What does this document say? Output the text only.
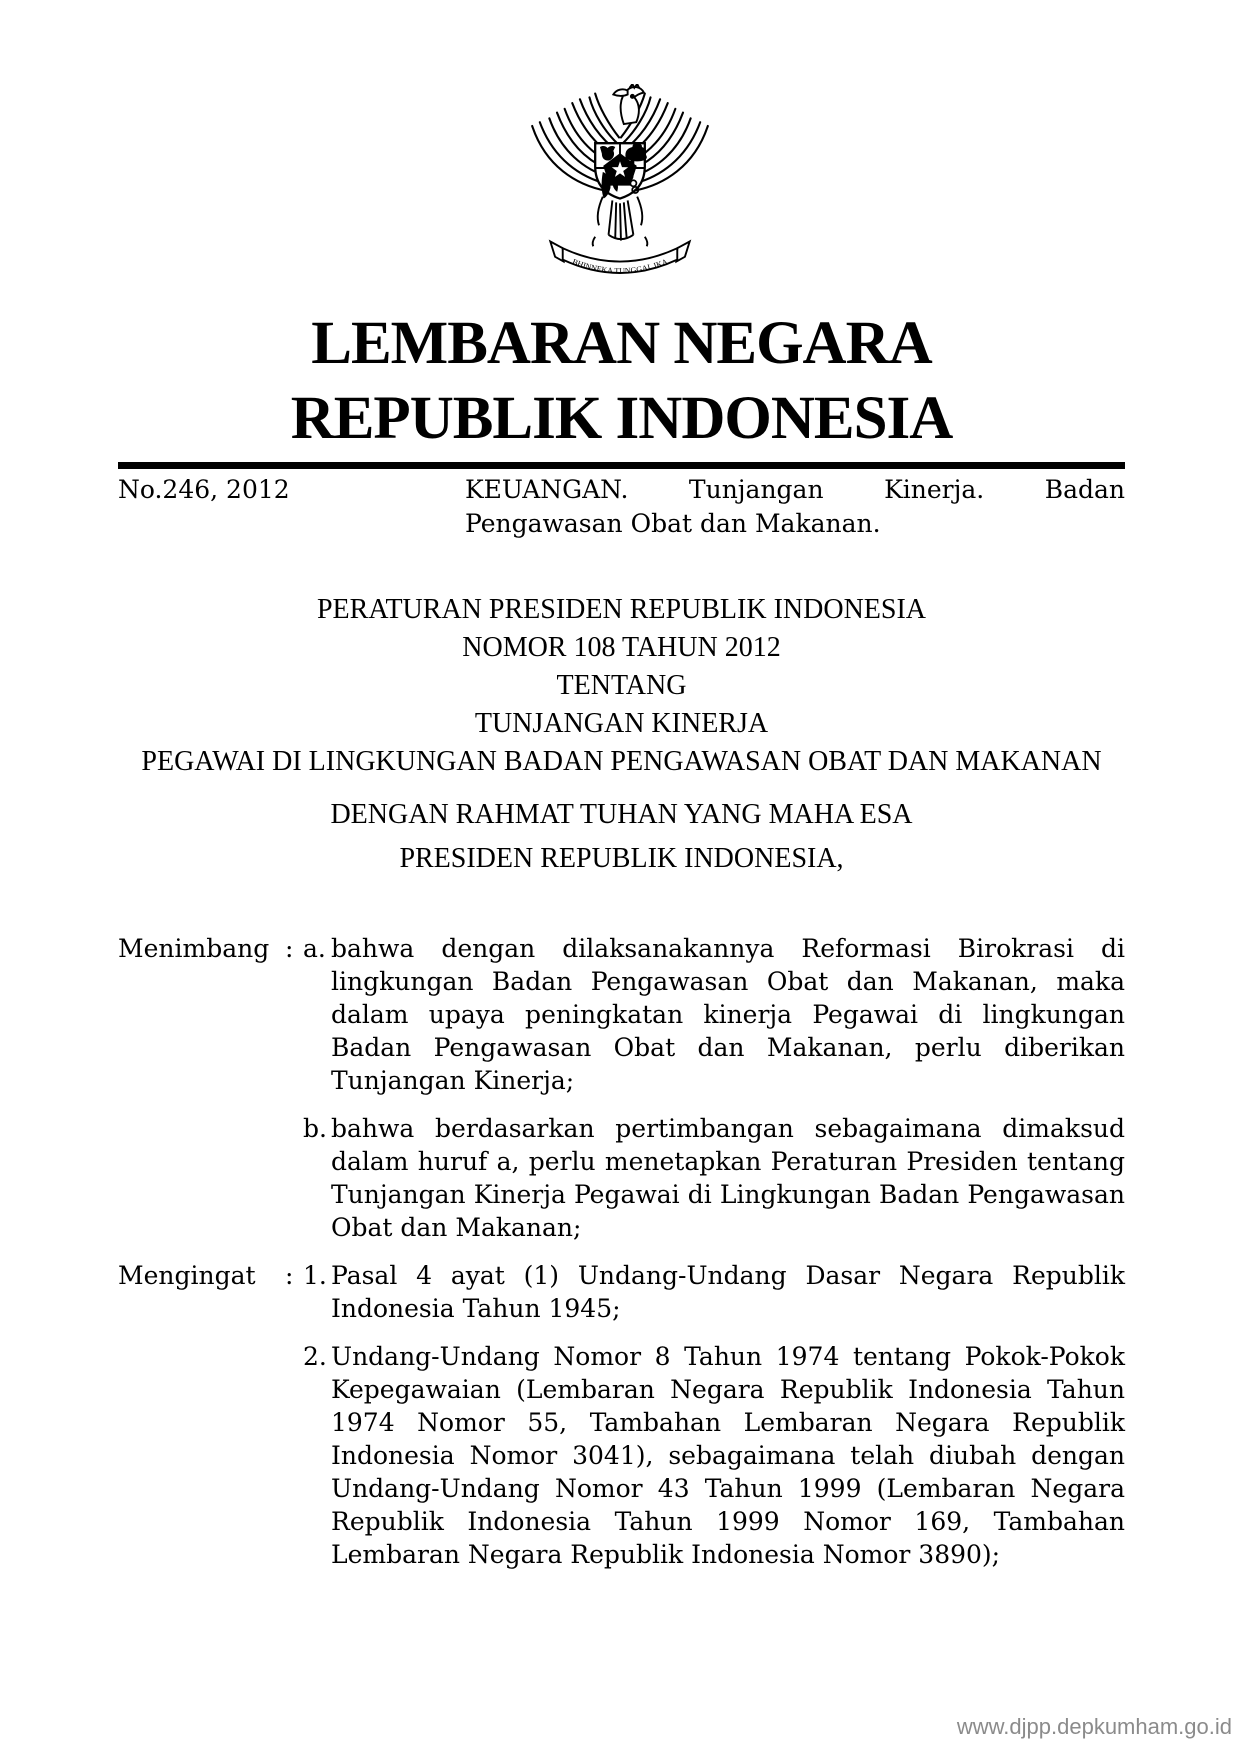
BHINNEKA TUNGGAL IKA
LEMBARAN NEGARA
REPUBLIK INDONESIA
No.246, 2012	KEUANGAN. Tunjangan Kinerja. Badan Pengawasan Obat dan Makanan.
PERATURAN PRESIDEN REPUBLIK INDONESIA
NOMOR 108 TAHUN 2012
TENTANG
TUNJANGAN KINERJA
PEGAWAI DI LINGKUNGAN BADAN PENGAWASAN OBAT DAN MAKANAN
DENGAN RAHMAT TUHAN YANG MAHA ESA
PRESIDEN REPUBLIK INDONESIA,
Menimbang : a. bahwa dengan dilaksanakannya Reformasi Birokrasi di lingkungan Badan Pengawasan Obat dan Makanan, maka dalam upaya peningkatan kinerja Pegawai di lingkungan Badan Pengawasan Obat dan Makanan, perlu diberikan Tunjangan Kinerja;
b. bahwa berdasarkan pertimbangan sebagaimana dimaksud dalam huruf a, perlu menetapkan Peraturan Presiden tentang Tunjangan Kinerja Pegawai di Lingkungan Badan Pengawasan Obat dan Makanan;
Mengingat	: 1. Pasal 4 ayat (1) Undang-Undang Dasar Negara Republik Indonesia Tahun 1945;
2. Undang-Undang Nomor 8 Tahun 1974 tentang Pokok-Pokok Kepegawaian (Lembaran Negara Republik Indonesia Tahun 1974 Nomor 55, Tambahan Lembaran Negara Republik Indonesia Nomor 3041), sebagaimana telah diubah dengan Undang-Undang Nomor 43 Tahun 1999 (Lembaran Negara Republik Indonesia Tahun 1999 Nomor 169, Tambahan Lembaran Negara Republik Indonesia Nomor 3890);
www.djpp.depkumham.go.id
